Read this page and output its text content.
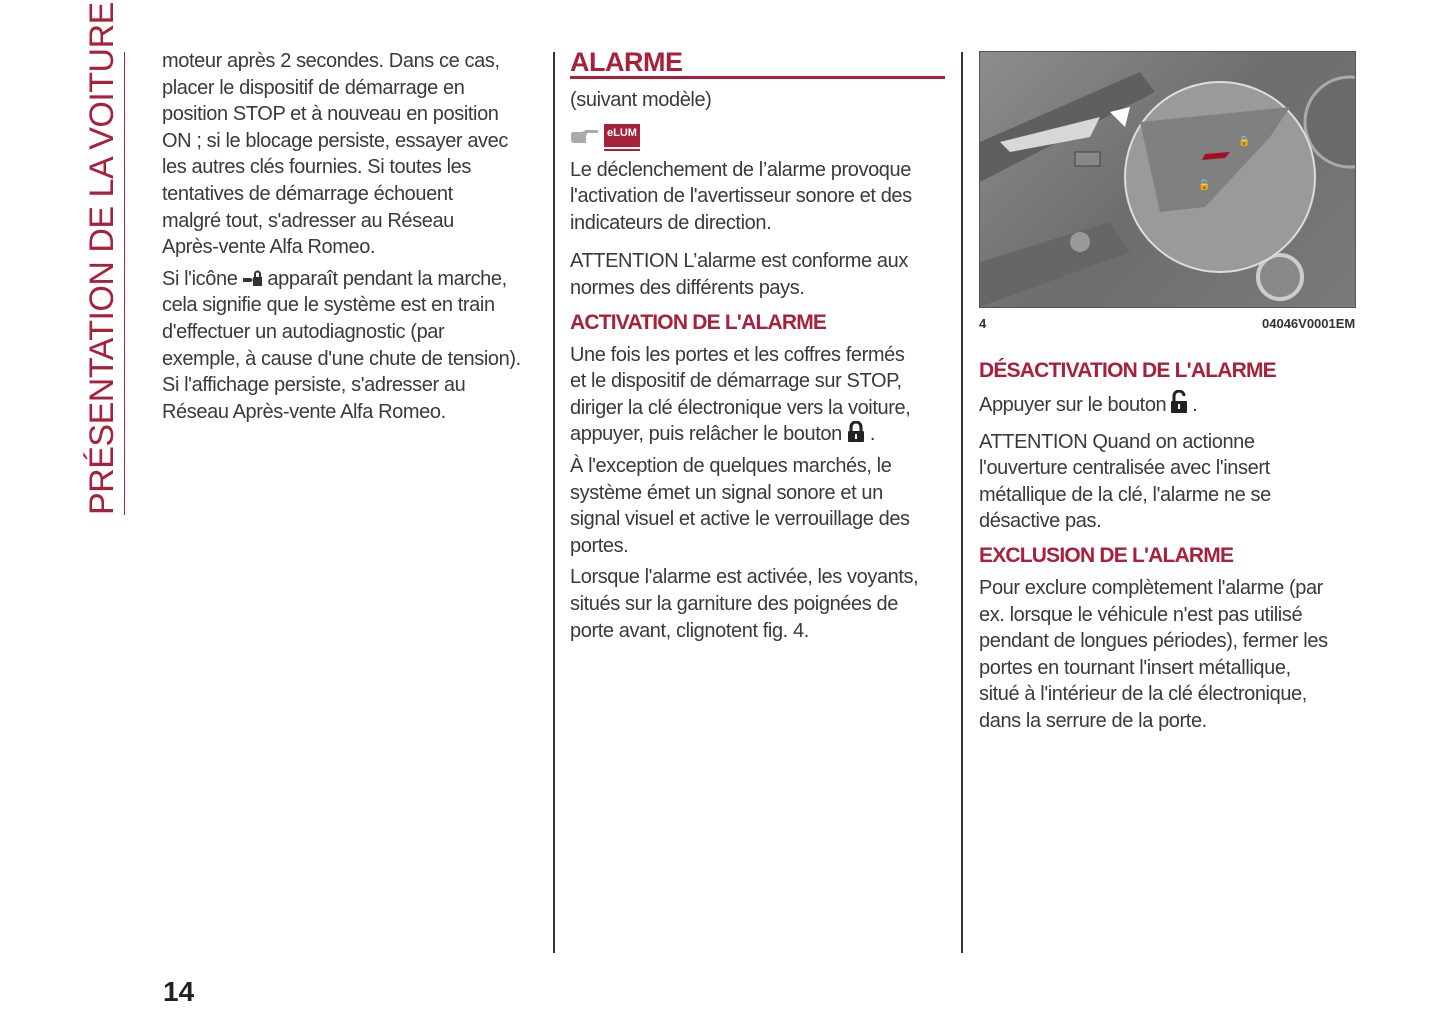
PRÉSENTATION DE LA VOITURE moteur après 2 secondes. Dans ce cas,
placer le dispositif de démarrage en
position STOP et à nouveau en position
ON ; si le blocage persiste, essayer avec
les autres clés fournies. Si toutes les
tentatives de démarrage échouent
malgré tout, s'adresser au Réseau
Après-vente Alfa Romeo.

Si l'icône apparaît pendant la marche,
cela signifie que le système est en train
d'effectuer un autodiagnostic (par
exemple, à cause d'une chute de tension).
Si l'affichage persiste, s'adresser au
Réseau Après-vente Alfa Romeo.

ALARME

(suivant modèle)

eLUM

Le déclenchement de l’alarme provoque
l'activation de l'avertisseur sonore et des
indicateurs de direction.

ATTENTION L’alarme est conforme aux
normes des différents pays.

ACTIVATION DE L'ALARME

Une fois les portes et les coffres fermés
et le dispositif de démarrage sur STOP,
diriger la clé électronique vers la voiture,
appuyer, puis relâcher le bouton .

À l'exception de quelques marchés, le
système émet un signal sonore et un
signal visuel et active le verrouillage des
portes.

Lorsque l'alarme est activée, les voyants,
situés sur la garniture des poignées de
porte avant, clignotent fig. 4.

🔒
🔓
4	04046V0001EM
DÉSACTIVATION DE L'ALARME

Appuyer sur le bouton .

ATTENTION Quand on actionne
l'ouverture centralisée avec l'insert
métallique de la clé, l'alarme ne se
désactive pas.

EXCLUSION DE L'ALARME

Pour exclure complètement l'alarme (par
ex. lorsque le véhicule n'est pas utilisé
pendant de longues périodes), fermer les
portes en tournant l'insert métallique,
situé à l'intérieur de la clé électronique,
dans la serrure de la porte.

14
